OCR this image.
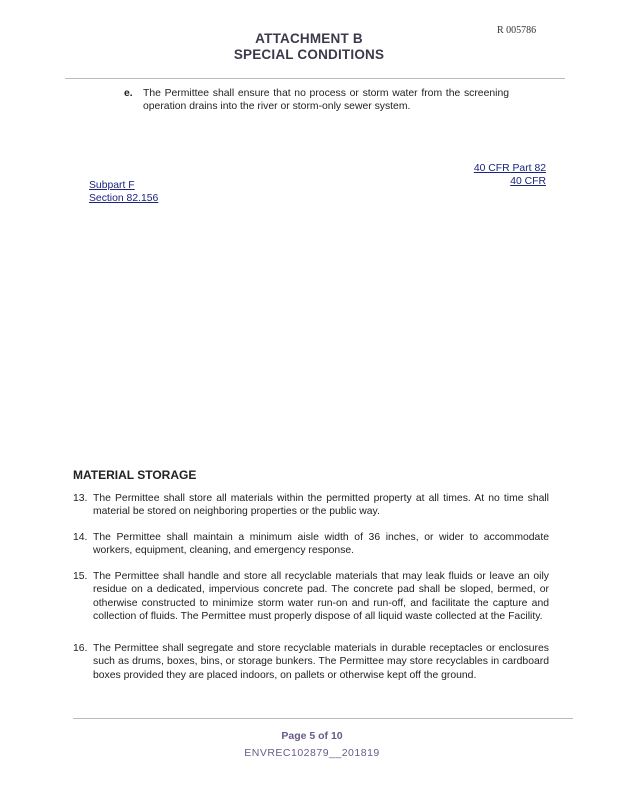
R 005786
ATTACHMENT B
SPECIAL CONDITIONS
e. The Permittee shall ensure that no process or storm water from the screening operation drains into the river or storm-only sewer system.
40 CFR Part 82
40 CFR
Subpart F
Section 82.156
MATERIAL STORAGE
13. The Permittee shall store all materials within the permitted property at all times. At no time shall material be stored on neighboring properties or the public way.
14. The Permittee shall maintain a minimum aisle width of 36 inches, or wider to accommodate workers, equipment, cleaning, and emergency response.
15. The Permittee shall handle and store all recyclable materials that may leak fluids or leave an oily residue on a dedicated, impervious concrete pad. The concrete pad shall be sloped, bermed, or otherwise constructed to minimize storm water run-on and run-off, and facilitate the capture and collection of fluids. The Permittee must properly dispose of all liquid waste collected at the Facility.
16. The Permittee shall segregate and store recyclable materials in durable receptacles or enclosures such as drums, boxes, bins, or storage bunkers. The Permittee may store recyclables in cardboard boxes provided they are placed indoors, on pallets or otherwise kept off the ground.
Page 5 of 10
ENVREC102879__201819
